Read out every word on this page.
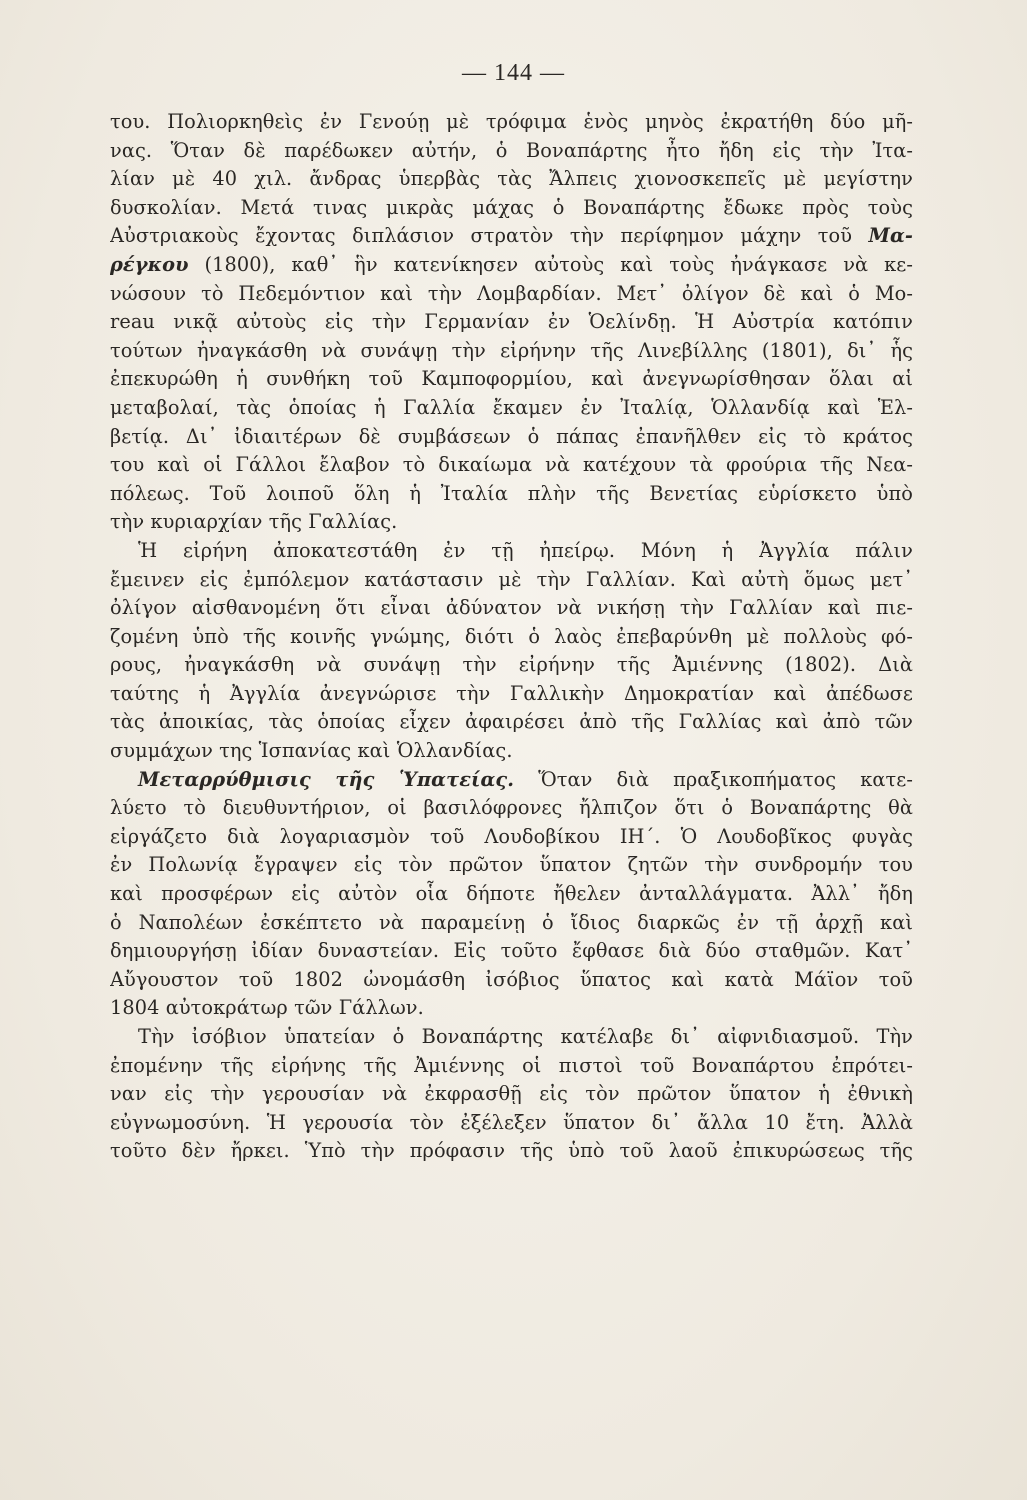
— 144 —
του. Πολιορκηθεὶς ἐν Γενούῃ μὲ τρόφιμα ἑνὸς μηνὸς ἐκρατήθη δύο μῆ-
νας. Ὅταν δὲ παρέδωκεν αὐτήν, ὁ Βοναπάρτης ἦτο ἤδη εἰς τὴν Ἰτα-
λίαν μὲ 40 χιλ. ἄνδρας ὑπερβὰς τὰς Ἄλπεις χιονοσκεπεῖς μὲ μεγίστην
δυσκολίαν. Μετά τινας μικρὰς μάχας ὁ Βοναπάρτης ἔδωκε πρὸς τοὺς
Αὐστριακοὺς ἔχοντας διπλάσιον στρατὸν τὴν περίφημον μάχην τοῦ Μα-
ρέγκου (1800), καθ᾿ ἣν κατενίκησεν αὐτοὺς καὶ τοὺς ἠνάγκασε νὰ κε-
νώσουν τὸ Πεδεμόντιον καὶ τὴν Λομβαρδίαν. Μετ᾿ ὀλίγον δὲ καὶ ὁ Mo-
reau νικᾷ αὐτοὺς εἰς τὴν Γερμανίαν ἐν Ὁελίνδῃ. Ἡ Αὐστρία κατόπιν
τούτων ἠναγκάσθη νὰ συνάψῃ τὴν εἰρήνην τῆς Λινεβίλλης (1801), δι᾿ ἧς
ἐπεκυρώθη ἡ συνθήκη τοῦ Καμποφορμίου, καὶ ἀνεγνωρίσθησαν ὅλαι αἱ
μεταβολαί, τὰς ὁποίας ἡ Γαλλία ἔκαμεν ἐν Ἰταλίᾳ, Ὁλλανδίᾳ καὶ Ἑλ-
βετίᾳ. Δι᾿ ἰδιαιτέρων δὲ συμβάσεων ὁ πάπας ἐπανῆλθεν εἰς τὸ κράτος
του καὶ οἱ Γάλλοι ἔλαβον τὸ δικαίωμα νὰ κατέχουν τὰ φρούρια τῆς Νεα-
πόλεως. Τοῦ λοιποῦ ὅλη ἡ Ἰταλία πλὴν τῆς Βενετίας εὑρίσκετο ὑπὸ
τὴν κυριαρχίαν τῆς Γαλλίας.
Ἡ εἰρήνη ἀποκατεστάθη ἐν τῇ ἠπείρῳ. Μόνη ἡ Ἀγγλία πάλιν
ἔμεινεν εἰς ἐμπόλεμον κατάστασιν μὲ τὴν Γαλλίαν. Καὶ αὐτὴ ὅμως μετ᾿
ὀλίγον αἰσθανομένη ὅτι εἶναι ἀδύνατον νὰ νικήσῃ τὴν Γαλλίαν καὶ πιε-
ζομένη ὑπὸ τῆς κοινῆς γνώμης, διότι ὁ λαὸς ἐπεβαρύνθη μὲ πολλοὺς φό-
ρους, ἠναγκάσθη νὰ συνάψῃ τὴν εἰρήνην τῆς Ἀμιέννης (1802). Διὰ
ταύτης ἡ Ἀγγλία ἀνεγνώρισε τὴν Γαλλικὴν Δημοκρατίαν καὶ ἀπέδωσε
τὰς ἀποικίας, τὰς ὁποίας εἶχεν ἀφαιρέσει ἀπὸ τῆς Γαλλίας καὶ ἀπὸ τῶν
συμμάχων της Ἱσπανίας καὶ Ὁλλανδίας.
Μεταρρύθμισις τῆς Ὑπατείας. Ὅταν διὰ πραξικοπήματος κατε-
λύετο τὸ διευθυντήριον, οἱ βασιλόφρονες ἤλπιζον ὅτι ὁ Βοναπάρτης θὰ
εἰργάζετο διὰ λογαριασμὸν τοῦ Λουδοβίκου ΙΗ΄. Ὁ Λουδοβῖκος φυγὰς
ἐν Πολωνίᾳ ἔγραψεν εἰς τὸν πρῶτον ὕπατον ζητῶν τὴν συνδρομήν του
καὶ προσφέρων εἰς αὐτὸν οἷα δήποτε ἤθελεν ἀνταλλάγματα. Ἀλλ᾿ ἤδη
ὁ Ναπολέων ἐσκέπτετο νὰ παραμείνῃ ὁ ἴδιος διαρκῶς ἐν τῇ ἀρχῇ καὶ
δημιουργήσῃ ἰδίαν δυναστείαν. Εἰς τοῦτο ἔφθασε διὰ δύο σταθμῶν. Κατ᾿
Αὔγουστον τοῦ 1802 ὠνομάσθη ἰσόβιος ὕπατος καὶ κατὰ Μάϊον τοῦ
1804 αὐτοκράτωρ τῶν Γάλλων.
Τὴν ἰσόβιον ὑπατείαν ὁ Βοναπάρτης κατέλαβε δι᾿ αἰφνιδιασμοῦ. Τὴν
ἐπομένην τῆς εἰρήνης τῆς Ἀμιέννης οἱ πιστοὶ τοῦ Βοναπάρτου ἐπρότει-
ναν εἰς τὴν γερουσίαν νὰ ἐκφρασθῇ εἰς τὸν πρῶτον ὕπατον ἡ ἐθνικὴ
εὐγνωμοσύνη. Ἡ γερουσία τὸν ἐξέλεξεν ὕπατον δι᾿ ἄλλα 10 ἔτη. Ἀλλὰ
τοῦτο δὲν ἤρκει. Ὑπὸ τὴν πρόφασιν τῆς ὑπὸ τοῦ λαοῦ ἐπικυρώσεως τῆς
